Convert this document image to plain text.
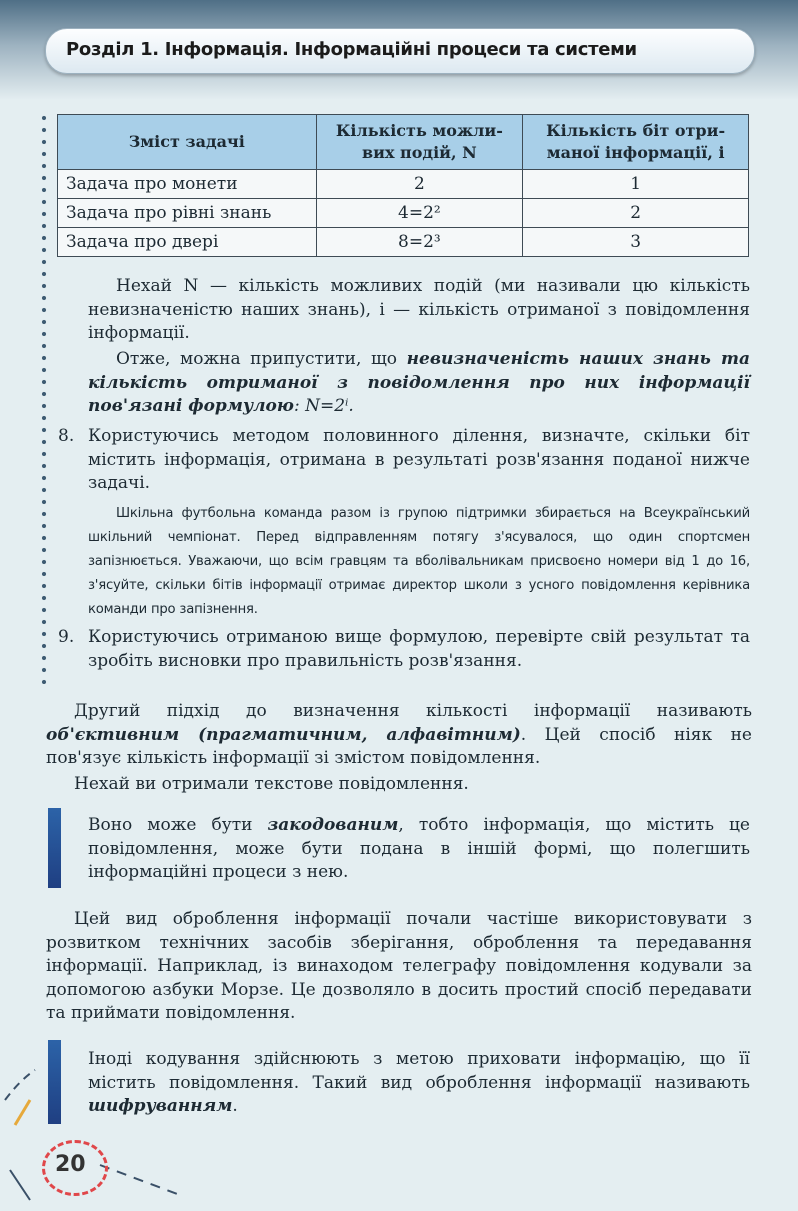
Розділ 1. Інформація. Інформаційні процеси та системи
Зміст задачі	Кількість можли-вих подій, N	Кількість біт отри-маної інформації, i
Задача про монети	2	1
Задача про рівні знань	4=2²	2
Задача про двері	8=2³	3
Нехай N — кількість можливих подій (ми називали цю кількість невизначеністю наших знань), i — кількість отриманої з повідомлення інформації.
Отже, можна припустити, що невизначеність наших знань та кількість отриманої з повідомлення про них інформації пов'язані формулою: N=2ⁱ.
8. Користуючись методом половинного ділення, визначте, скільки біт містить інформація, отримана в результаті розв'язання поданої нижче задачі.
Шкільна футбольна команда разом із групою підтримки збирається на Всеукраїнський шкільний чемпіонат. Перед відправленням потягу з'ясувалося, що один спортсмен запізнюється. Уважаючи, що всім гравцям та вболівальникам присвоєно номери від 1 до 16, з'ясуйте, скільки бітів інформації отримає директор школи з усного повідомлення керівника команди про запізнення.
9. Користуючись отриманою вище формулою, перевірте свій результат та зробіть висновки про правильність розв'язання.
Другий підхід до визначення кількості інформації називають об'єктивним (прагматичним, алфавітним). Цей спосіб ніяк не пов'язує кількість інформації зі змістом повідомлення.
Нехай ви отримали текстове повідомлення.
Воно може бути закодованим, тобто інформація, що містить це повідомлення, може бути подана в іншій формі, що полегшить інформаційні процеси з нею.
Цей вид оброблення інформації почали частіше використовувати з розвитком технічних засобів зберігання, оброблення та передавання інформації. Наприклад, із винаходом телеграфу повідомлення кодували за допомогою азбуки Морзе. Це дозволяло в досить простий спосіб передавати та приймати повідомлення.
Іноді кодування здійснюють з метою приховати інформацію, що її містить повідомлення. Такий вид оброблення інформації називають шифруванням.
20
